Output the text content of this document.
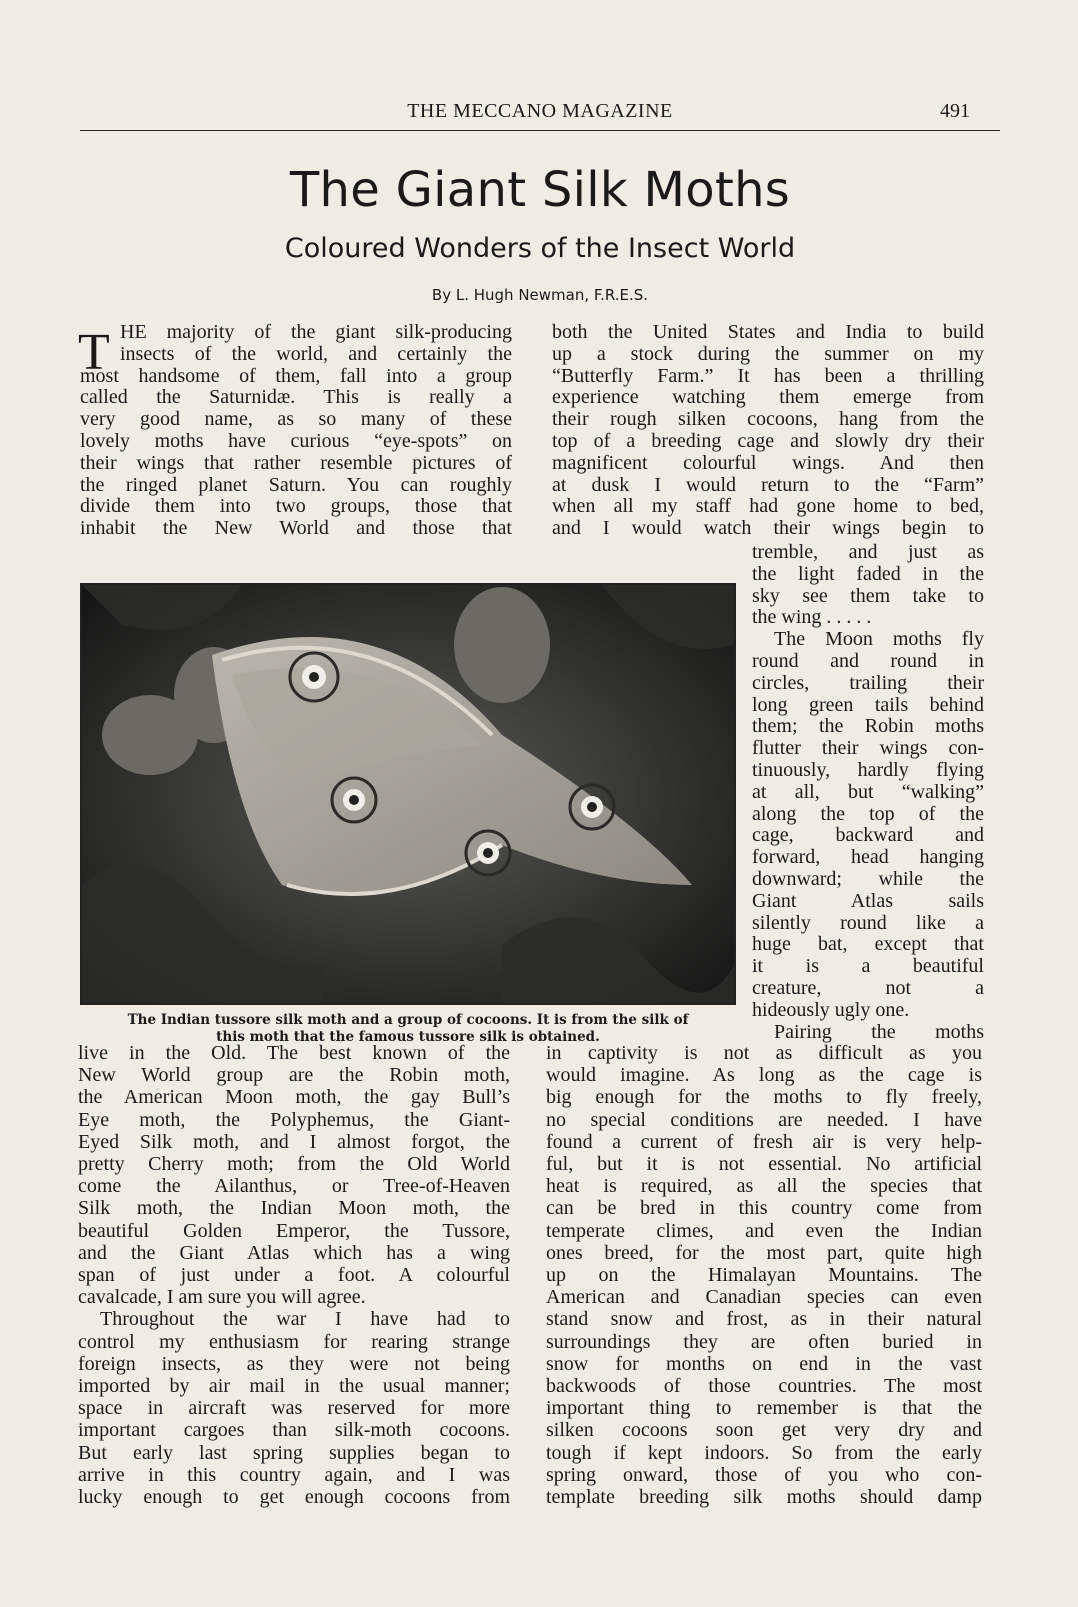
THE MECCANO MAGAZINE	491
The Giant Silk Moths
Coloured Wonders of the Insect World
By L. Hugh Newman, F.R.E.S.
T HE majority of the giant silk-producing
insects of the world, and certainly the
most handsome of them, fall into a group
called the Saturnidæ. This is really a
very good name, as so many of these
lovely moths have curious “eye-spots” on
their wings that rather resemble pictures of
the ringed planet Saturn. You can roughly
divide them into two groups, those that
inhabit the New World and those that
both the United States and India to build
up a stock during the summer on my
“Butterfly Farm.” It has been a thrilling
experience watching them emerge from
their rough silken cocoons, hang from the
top of a breeding cage and slowly dry their
magnificent colourful wings. And then
at dusk I would return to the “Farm”
when all my staff had gone home to bed,
and I would watch their wings begin to
tremble, and just as
the light faded in the
sky see them take to
the wing . . . . .
The Moon moths fly
round and round in
circles, trailing their
long green tails behind
them; the Robin moths
flutter their wings con-
tinuously, hardly flying
at all, but “walking”
along the top of the
cage, backward and
forward, head hanging
downward; while the
Giant Atlas sails
silently round like a
huge bat, except that
it is a beautiful
creature, not a
hideously ugly one.
Pairing the moths
live in the Old. The best known of the
New World group are the Robin moth,
the American Moon moth, the gay Bull’s
Eye moth, the Polyphemus, the Giant-
Eyed Silk moth, and I almost forgot, the
pretty Cherry moth; from the Old World
come the Ailanthus, or Tree-of-Heaven
Silk moth, the Indian Moon moth, the
beautiful Golden Emperor, the Tussore,
and the Giant Atlas which has a wing
span of just under a foot. A colourful
cavalcade, I am sure you will agree.
Throughout the war I have had to
control my enthusiasm for rearing strange
foreign insects, as they were not being
imported by air mail in the usual manner;
space in aircraft was reserved for more
important cargoes than silk-moth cocoons.
But early last spring supplies began to
arrive in this country again, and I was
lucky enough to get enough cocoons from
in captivity is not as difficult as you
would imagine. As long as the cage is
big enough for the moths to fly freely,
no special conditions are needed. I have
found a current of fresh air is very help-
ful, but it is not essential. No artificial
heat is required, as all the species that
can be bred in this country come from
temperate climes, and even the Indian
ones breed, for the most part, quite high
up on the Himalayan Mountains. The
American and Canadian species can even
stand snow and frost, as in their natural
surroundings they are often buried in
snow for months on end in the vast
backwoods of those countries. The most
important thing to remember is that the
silken cocoons soon get very dry and
tough if kept indoors. So from the early
spring onward, those of you who con-
template breeding silk moths should damp
The Indian tussore silk moth and a group of cocoons. It is from the silk of
this moth that the famous tussore silk is obtained.
